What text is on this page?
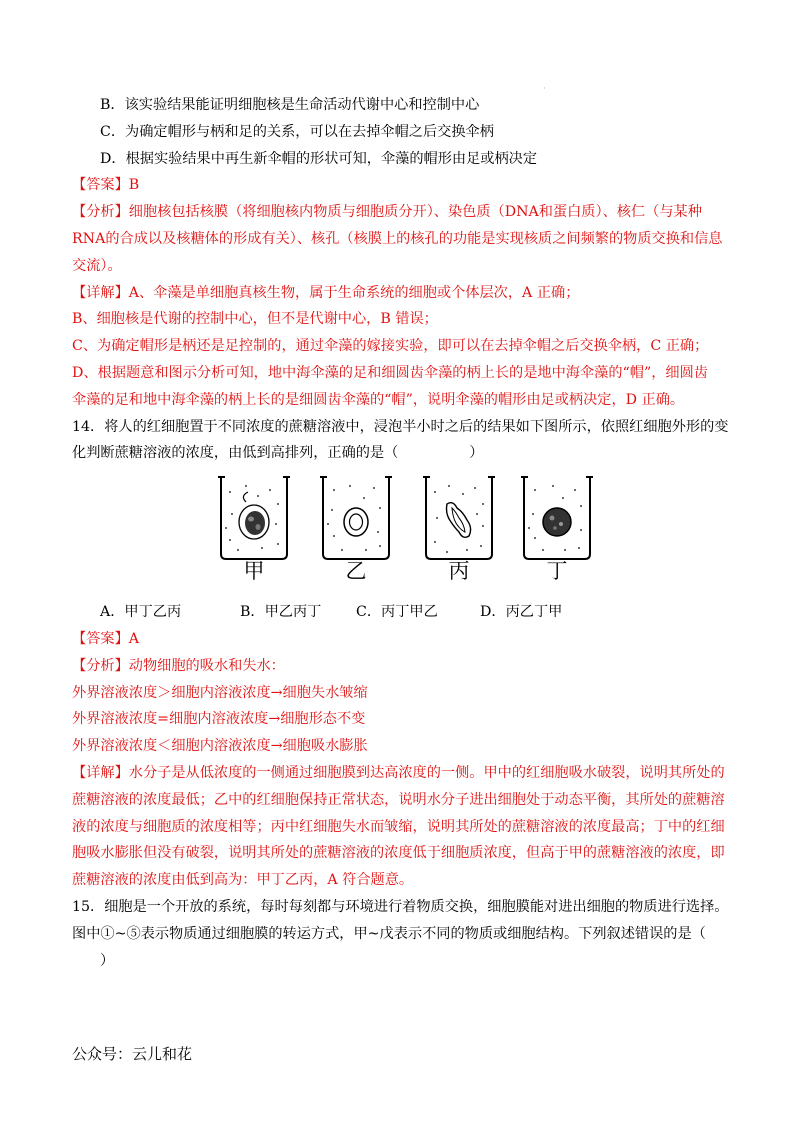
·
B．该实验结果能证明细胞核是生命活动代谢中心和控制中心
C．为确定帽形与柄和足的关系，可以在去掉伞帽之后交换伞柄
D．根据实验结果中再生新伞帽的形状可知，伞藻的帽形由足或柄决定
【答案】B
【分析】细胞核包括核膜（将细胞核内物质与细胞质分开）、染色质（DNA和蛋白质）、核仁（与某种
RNA的合成以及核糖体的形成有关）、核孔（核膜上的核孔的功能是实现核质之间频繁的物质交换和信息
交流）。
【详解】A、伞藻是单细胞真核生物，属于生命系统的细胞或个体层次，A 正确；
B、细胞核是代谢的控制中心，但不是代谢中心，B 错误；
C、为确定帽形是柄还是足控制的，通过伞藻的嫁接实验，即可以在去掉伞帽之后交换伞柄，C 正确；
D、根据题意和图示分析可知，地中海伞藻的足和细圆齿伞藻的柄上长的是地中海伞藻的“帽”，细圆齿
伞藻的足和地中海伞藻的柄上长的是细圆齿伞藻的“帽”，说明伞藻的帽形由足或柄决定，D 正确。
14．将人的红细胞置于不同浓度的蔗糖溶液中，浸泡半小时之后的结果如下图所示，依照红细胞外形的变
化判断蔗糖溶液的浓度，由低到高排列，正确的是（　　　　　）
甲	乙	丙	丁
A．甲丁乙丙	B．甲乙丙丁 C．丙丁甲乙	D．丙乙丁甲
【答案】A
【分析】动物细胞的吸水和失水：
外界溶液浓度＞细胞内溶液浓度→细胞失水皱缩
外界溶液浓度=细胞内溶液浓度→细胞形态不变
外界溶液浓度＜细胞内溶液浓度→细胞吸水膨胀
【详解】水分子是从低浓度的一侧通过细胞膜到达高浓度的一侧。甲中的红细胞吸水破裂，说明其所处的
蔗糖溶液的浓度最低；乙中的红细胞保持正常状态，说明水分子进出细胞处于动态平衡，其所处的蔗糖溶
液的浓度与细胞质的浓度相等；丙中红细胞失水而皱缩，说明其所处的蔗糖溶液的浓度最高；丁中的红细
胞吸水膨胀但没有破裂，说明其所处的蔗糖溶液的浓度低于细胞质浓度，但高于甲的蔗糖溶液的浓度，即
蔗糖溶液的浓度由低到高为：甲丁乙丙，A 符合题意。
15．细胞是一个开放的系统，每时每刻都与环境进行着物质交换，细胞膜能对进出细胞的物质进行选择。
图中①~⑤表示物质通过细胞膜的转运方式，甲~戊表示不同的物质或细胞结构。下列叙述错误的是（
）
公众号：云儿和花
